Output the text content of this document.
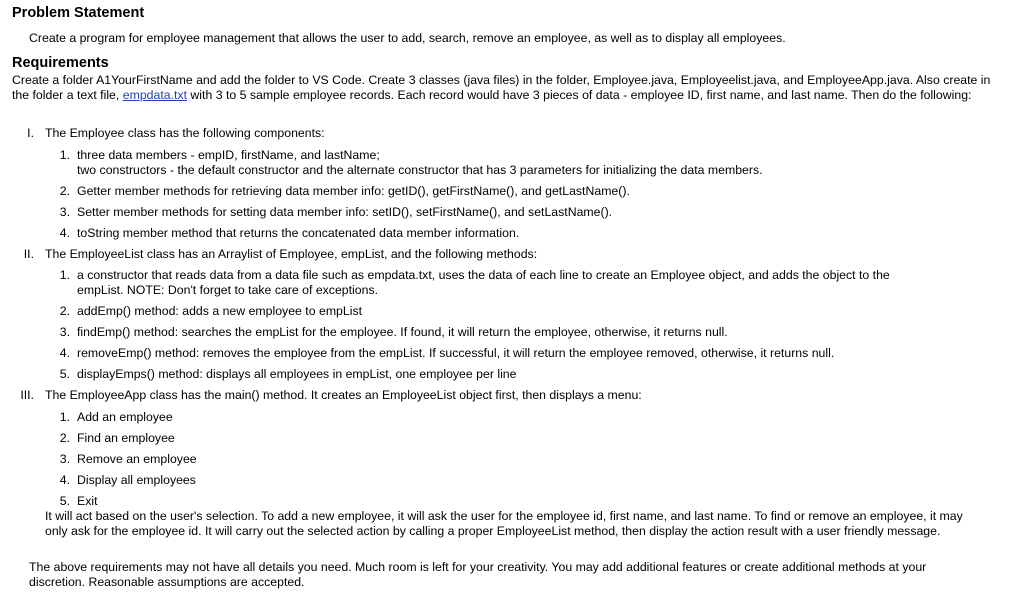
Problem Statement
Create a program for employee management that allows the user to add, search, remove an employee, as well as to display all employees.
Requirements
Create a folder A1YourFirstName and add the folder to VS Code. Create 3 classes (java files) in the folder, Employee.java, Employeelist.java, and EmployeeApp.java. Also create in the folder a text file, empdata.txt with 3 to 5 sample employee records. Each record would have 3 pieces of data - employee ID, first name, and last name. Then do the following:
I. The Employee class has the following components:
1. three data members - empID, firstName, and lastName;
two constructors - the default constructor and the alternate constructor that has 3 parameters for initializing the data members.
2. Getter member methods for retrieving data member info: getID(), getFirstName(), and getLastName().
3. Setter member methods for setting data member info: setID(), setFirstName(), and setLastName().
4. toString member method that returns the concatenated data member information.
II. The EmployeeList class has an Arraylist of Employee, empList, and the following methods:
1. a constructor that reads data from a data file such as empdata.txt, uses the data of each line to create an Employee object, and adds the object to the
empList. NOTE: Don't forget to take care of exceptions.
2. addEmp() method: adds a new employee to empList
3. findEmp() method: searches the empList for the employee. If found, it will return the employee, otherwise, it returns null.
4. removeEmp() method: removes the employee from the empList. If successful, it will return the employee removed, otherwise, it returns null.
5. displayEmps() method: displays all employees in empList, one employee per line
III. The EmployeeApp class has the main() method. It creates an EmployeeList object first, then displays a menu:
1. Add an employee
2. Find an employee
3. Remove an employee
4. Display all employees
5. Exit
It will act based on the user's selection. To add a new employee, it will ask the user for the employee id, first name, and last name. To find or remove an employee, it may only ask for the employee id. It will carry out the selected action by calling a proper EmployeeList method, then display the action result with a user friendly message.
The above requirements may not have all details you need. Much room is left for your creativity. You may add additional features or create additional methods at your discretion. Reasonable assumptions are accepted.
